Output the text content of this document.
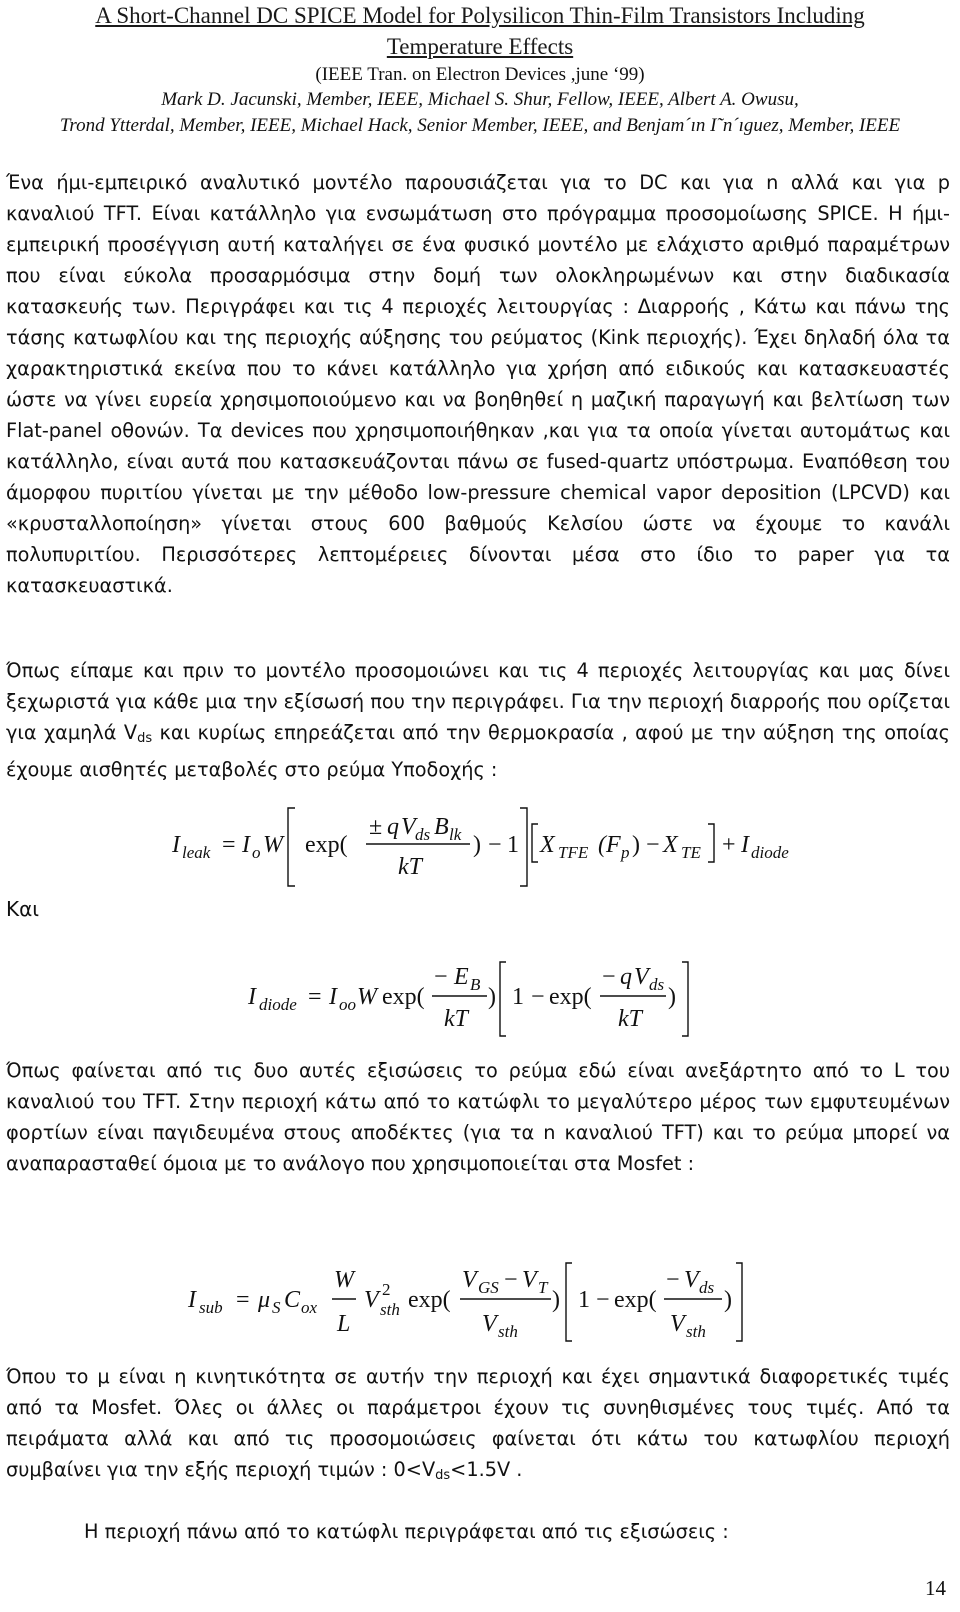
A Short-Channel DC SPICE Model for Polysilicon Thin-Film Transistors Including
Temperature Effects
(IEEE Tran. on Electron Devices ,june ‘99)
Mark D. Jacunski, Member, IEEE, Michael S. Shur, Fellow, IEEE, Albert A. Owusu,
Trond Ytterdal, Member, IEEE, Michael Hack, Senior Member, IEEE, and Benjam´ın I˜n´ıguez, Member, IEEE

Ένα ήμι-εμπειρικό αναλυτικό μοντέλο παρουσιάζεται για το DC και για n αλλά και για p καναλιού TFT. Είναι κατάλληλο για ενσωμάτωση στο πρόγραμμα προσομοίωσης SPICE. Η ήμι-εμπειρική προσέγγιση αυτή καταλήγει σε ένα φυσικό μοντέλο με ελάχιστο αριθμό παραμέτρων που είναι εύκολα προσαρμόσιμα στην δομή των ολοκληρωμένων και στην διαδικασία κατασκευής των. Περιγράφει και τις 4 περιοχές λειτουργίας : Διαρροής , Κάτω και πάνω της τάσης κατωφλίου και της περιοχής αύξησης του ρεύματος (Kink περιοχής). Έχει δηλαδή όλα τα χαρακτηριστικά εκείνα που το κάνει κατάλληλο για χρήση από ειδικούς και κατασκευαστές ώστε να γίνει ευρεία χρησιμοποιούμενο και να βοηθηθεί η μαζική παραγωγή και βελτίωση των Flat-panel οθονών. Τα devices που χρησιμοποιήθηκαν ,και για τα οποία γίνεται αυτομάτως και κατάλληλο, είναι αυτά που κατασκευάζονται πάνω σε fused-quartz υπόστρωμα. Εναπόθεση του άμορφου πυριτίου γίνεται με την μέθοδο low-pressure chemical vapor deposition (LPCVD) και «κρυσταλλοποίηση» γίνεται στους 600 βαθμούς Κελσίου ώστε να έχουμε το κανάλι πολυπυριτίου. Περισσότερες λεπτομέρειες δίνονται μέσα στο ίδιο το paper για τα κατασκευαστικά.

Όπως είπαμε και πριν το μοντέλο προσομοιώνει και τις 4 περιοχές λειτουργίας και μας δίνει ξεχωριστά για κάθε μια την εξίσωσή που την περιγράφει. Για την περιοχή διαρροής που ορίζεται για χαμηλά $V_{ds}$ και κυρίως επηρεάζεται από την θερμοκρασία , αφού με την αύξηση της οποίας έχουμε αισθητές μεταβολές στο ρεύμα Υποδοχής :

I leak = I o W exp(
± q V ds B lk
kT
) − 1 X TFE (F p ) − X TE + I diode
Και
I diode = I oo W exp(
− E B
kT
) 1 − exp(
− q V ds
kT
)

Όπως φαίνεται από τις δυο αυτές εξισώσεις το ρεύμα εδώ είναι ανεξάρτητο από το L του καναλιού του TFT. Στην περιοχή κάτω από το κατώφλι το μεγαλύτερο μέρος των εμφυτευμένων φορτίων είναι παγιδευμένα στους αποδέκτες (για τα n καναλιού TFT) και το ρεύμα μπορεί να αναπαρασταθεί όμοια με το ανάλογο που χρησιμοποιείται στα Mosfet :

I sub = μ S C ox
W
L
V 2
sth exp(
V GS − V T
V sth
) 1 − exp(
− V ds
V sth
)

Όπου το μ είναι η κινητικότητα σε αυτήν την περιοχή και έχει σημαντικά διαφορετικές τιμές από τα Mosfet. Όλες οι άλλες οι παράμετροι έχουν τις συνηθισμένες τους τιμές. Από τα πειράματα αλλά και από τις προσομοιώσεις φαίνεται ότι κάτω του κατωφλίου περιοχή συμβαίνει για την εξής περιοχή τιμών : $0<V_{ds}<1.5V$ .

Η περιοχή πάνω από το κατώφλι περιγράφεται από τις εξισώσεις :

14
